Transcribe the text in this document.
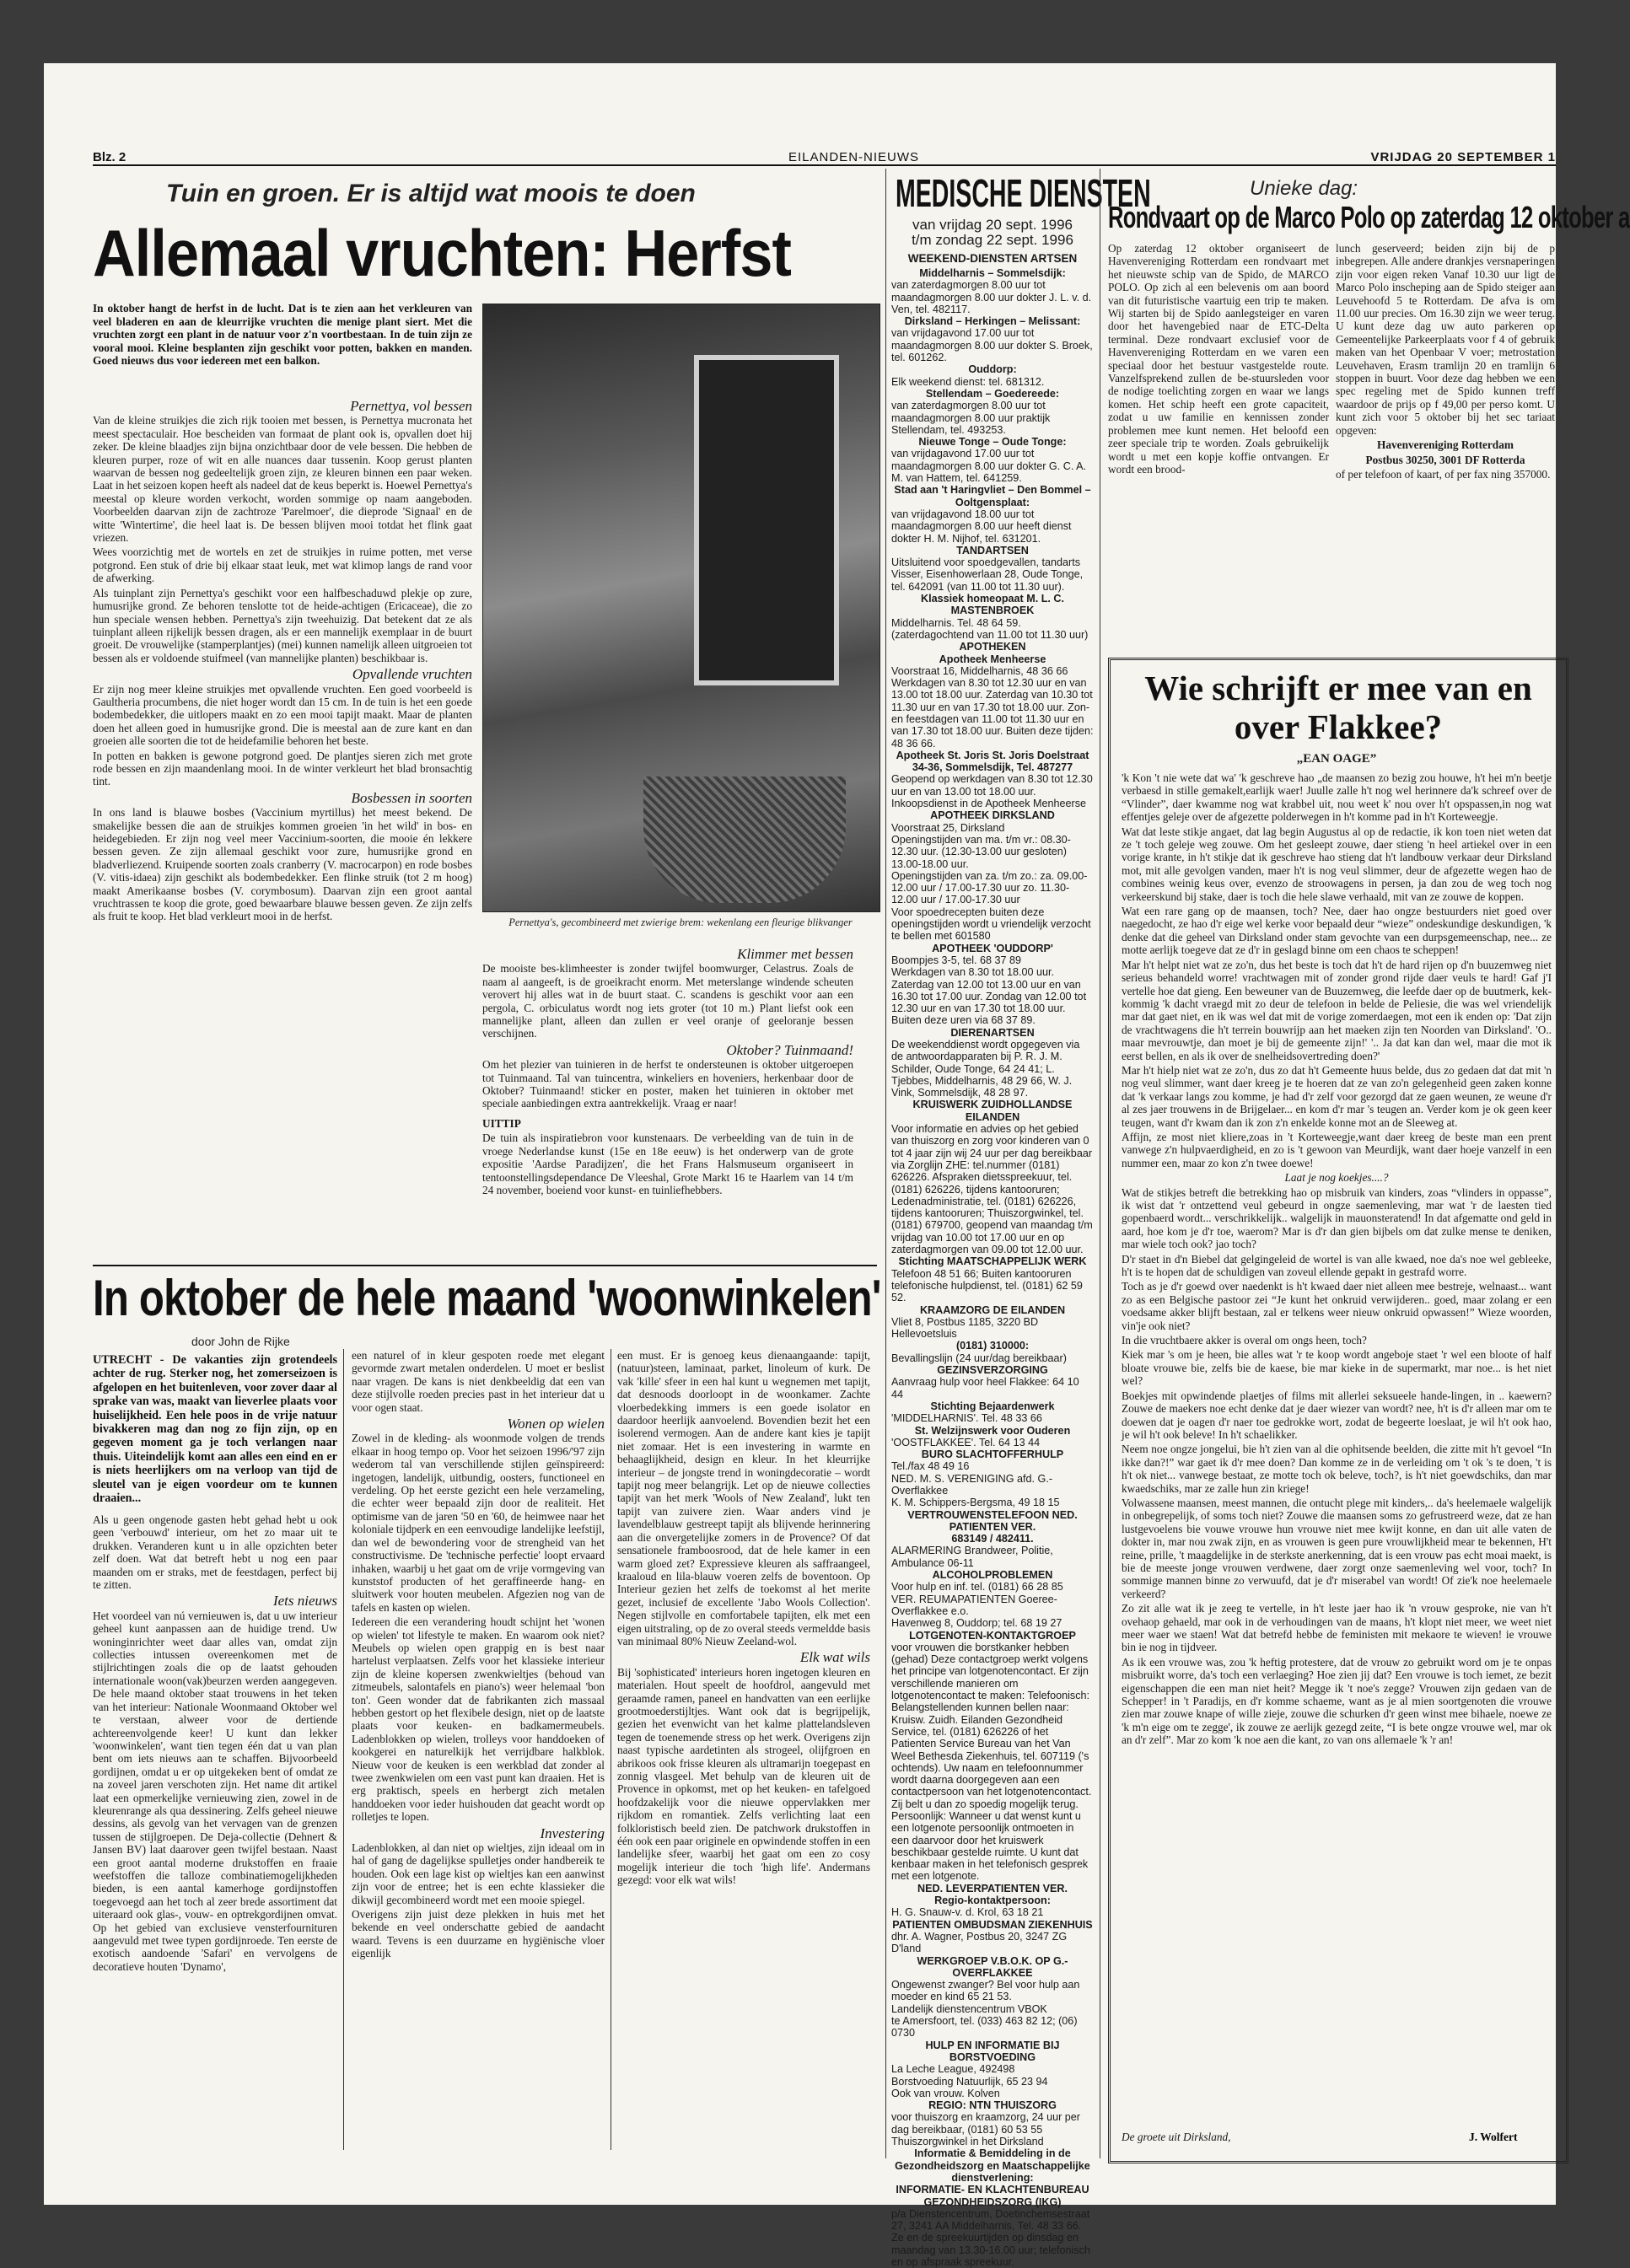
Blz. 2	EILANDEN-NIEUWS	VRIJDAG 20 SEPTEMBER 1
Tuin en groen. Er is altijd wat moois te doen
Allemaal vruchten: Herfst
In oktober hangt de herfst in de lucht. Dat is te zien aan het verkleuren van veel bladeren en aan de kleurrijke vruchten die menige plant siert. Met die vruchten zorgt een plant in de natuur voor z'n voortbestaan. In de tuin zijn ze vooral mooi. Kleine besplanten zijn geschikt voor potten, bakken en manden. Goed nieuws dus voor iedereen met een balkon.
Pernettya, vol bessen

Van de kleine struikjes die zich rijk tooien met bessen, is Pernettya mucronata het meest spectaculair. Hoe bescheiden van formaat de plant ook is, opvallen doet hij zeker. De kleine blaadjes zijn bijna onzichtbaar door de vele bessen. Die hebben de kleuren purper, roze of wit en alle nuances daar tussenin. Koop gerust planten waarvan de bessen nog gedeeltelijk groen zijn, ze kleuren binnen een paar weken. Laat in het seizoen kopen heeft als nadeel dat de keus beperkt is. Hoewel Pernettya's meestal op kleure worden verkocht, worden sommige op naam aangeboden. Voorbeelden daarvan zijn de zachtroze 'Parelmoer', die dieprode 'Signaal' en de witte 'Wintertime', die heel laat is. De bessen blijven mooi totdat het flink gaat vriezen.

Wees voorzichtig met de wortels en zet de struikjes in ruime potten, met verse potgrond. Een stuk of drie bij elkaar staat leuk, met wat klimop langs de rand voor de afwerking.

Als tuinplant zijn Pernettya's geschikt voor een halfbeschaduwd plekje op zure, humusrijke grond. Ze behoren tenslotte tot de heide-achtigen (Ericaceae), die zo hun speciale wensen hebben. Pernettya's zijn tweehuizig. Dat betekent dat ze als tuinplant alleen rijkelijk bessen dragen, als er een mannelijk exemplaar in de buurt groeit. De vrouwelijke (stamperplantjes) (mei) kunnen namelijk alleen uitgroeien tot bessen als er voldoende stuifmeel (van mannelijke planten) beschikbaar is.

Opvallende vruchten

Er zijn nog meer kleine struikjes met opvallende vruchten. Een goed voorbeeld is Gaultheria procumbens, die niet hoger wordt dan 15 cm. In de tuin is het een goede bodembedekker, die uitlopers maakt en zo een mooi tapijt maakt. Maar de planten doen het alleen goed in humusrijke grond. Die is meestal aan de zure kant en dan groeien alle soorten die tot de heidefamilie behoren het beste.

In potten en bakken is gewone potgrond goed. De plantjes sieren zich met grote rode bessen en zijn maandenlang mooi. In de winter verkleurt het blad bronsachtig tint.

Bosbessen in soorten

In ons land is blauwe bosbes (Vaccinium myrtillus) het meest bekend. De smakelijke bessen die aan de struikjes kommen groeien 'in het wild' in bos- en heidegebieden. Er zijn nog veel meer Vaccinium-soorten, die mooie én lekkere bessen geven. Ze zijn allemaal geschikt voor zure, humusrijke grond en bladverliezend. Kruipende soorten zoals cranberry (V. macrocarpon) en rode bosbes (V. vitis-idaea) zijn geschikt als bodembedekker. Een flinke struik (tot 2 m hoog) maakt Amerikaanse bosbes (V. corymbosum). Daarvan zijn een groot aantal vruchtrassen te koop die grote, goed bewaarbare blauwe bessen geven. Ze zijn zelfs als fruit te koop. Het blad verkleurt mooi in de herfst.	Pernettya's, gecombineerd met zwierige brem: wekenlang een fleurige blikvanger
Klimmer met bessen

De mooiste bes-klimheester is zonder twijfel boomwurger, Celastrus. Zoals de naam al aangeeft, is de groeikracht enorm. Met meterslange windende scheuten verovert hij alles wat in de buurt staat. C. scandens is geschikt voor aan een pergola, C. orbiculatus wordt nog iets groter (tot 10 m.) Plant liefst ook een mannelijke plant, alleen dan zullen er veel oranje of geeloranje bessen verschijnen.

Oktober? Tuinmaand!

Om het plezier van tuinieren in de herfst te ondersteunen is oktober uitgeroepen tot Tuinmaand. Tal van tuincentra, winkeliers en hoveniers, herkenbaar door de Oktober? Tuinmaand! sticker en poster, maken het tuinieren in oktober met speciale aanbiedingen extra aantrekkelijk. Vraag er naar!

UITTIP

De tuin als inspiratiebron voor kunstenaars. De verbeelding van de tuin in de vroege Nederlandse kunst (15e en 18e eeuw) is het onderwerp van de grote expositie 'Aardse Paradijzen', die het Frans Halsmuseum organiseert in tentoonstellingsdependance De Vleeshal, Grote Markt 16 te Haarlem van 14 t/m 24 november, boeiend voor kunst- en tuinliefhebbers.

In oktober de hele maand 'woonwinkelen'
door John de Rijke
UTRECHT - De vakanties zijn grotendeels achter de rug. Sterker nog, het zomerseizoen is afgelopen en het buitenleven, voor zover daar al sprake van was, maakt van lieverlee plaats voor huiselijkheid. Een hele poos in de vrije natuur bivakkeren mag dan nog zo fijn zijn, op en gegeven moment ga je toch verlangen naar thuis. Uiteindelijk komt aan alles een eind en er is niets heerlijkers om na verloop van tijd de sleutel van je eigen voordeur om te kunnen draaien...

Als u geen ongenode gasten hebt gehad hebt u ook geen 'verbouwd' interieur, om het zo maar uit te drukken. Veranderen kunt u in alle opzichten beter zelf doen. Wat dat betreft hebt u nog een paar maanden om er straks, met de feestdagen, perfect bij te zitten.

Iets nieuws

Het voordeel van nú vernieuwen is, dat u uw interieur geheel kunt aanpassen aan de huidige trend. Uw woninginrichter weet daar alles van, omdat zijn collecties intussen overeenkomen met de stijlrichtingen zoals die op de laatst gehouden internationale woon(vak)beurzen werden aangegeven. De hele maand oktober staat trouwens in het teken van het interieur: Nationale Woonmaand Oktober wel te verstaan, alweer voor de dertiende achtereenvolgende keer! U kunt dan lekker 'woonwinkelen', want tien tegen één dat u van plan bent om iets nieuws aan te schaffen. Bijvoorbeeld gordijnen, omdat u er op uitgekeken bent of omdat ze na zoveel jaren verschoten zijn. Het name dit artikel laat een opmerkelijke vernieuwing zien, zowel in de kleurenrange als qua dessinering. Zelfs geheel nieuwe dessins, als gevolg van het vervagen van de grenzen tussen de stijlgroepen. De Deja-collectie (Dehnert & Jansen BV) laat daarover geen twijfel bestaan. Naast een groot aantal moderne drukstoffen en fraaie weefstoffen die talloze combinatiemogelijkheden bieden, is een aantal kamerhoge gordijnstoffen toegevoegd aan het toch al zeer brede assortiment dat uiteraard ook glas-, vouw- en optrekgordijnen omvat. Op het gebied van exclusieve vensterfournituren aangevuld met twee typen gordijnroede. Ten eerste de exotisch aandoende 'Safari' en vervolgens de decoratieve houten 'Dynamo',

een naturel of in kleur gespoten roede met elegant gevormde zwart metalen onderdelen. U moet er beslist naar vragen. De kans is niet denkbeeldig dat een van deze stijlvolle roeden precies past in het interieur dat u voor ogen staat.

Wonen op wielen

Zowel in de kleding- als woonmode volgen de trends elkaar in hoog tempo op. Voor het seizoen 1996/'97 zijn wederom tal van verschillende stijlen geïnspireerd: ingetogen, landelijk, uitbundig, oosters, functioneel en verdeling. Op het eerste gezicht een hele verzameling, die echter weer bepaald zijn door de realiteit. Het optimisme van de jaren '50 en '60, de heimwee naar het koloniale tijdperk en een eenvoudige landelijke leefstijl, dan wel de bewondering voor de strengheid van het constructivisme. De 'technische perfectie' loopt ervaard inhaken, waarbij u het gaat om de vrije vormgeving van kunststof producten of het geraffineerde hang- en sluitwerk voor houten meubelen. Afgezien nog van de tafels en kasten op wielen.

Iedereen die een verandering houdt schijnt het 'wonen op wielen' tot lifestyle te maken. En waarom ook niet? Meubels op wielen open grappig en is best naar hartelust verplaatsen. Zelfs voor het klassieke interieur zijn de kleine kopersen zwenkwieltjes (behoud van zitmeubels, salontafels en piano's) weer helemaal 'bon ton'. Geen wonder dat de fabrikanten zich massaal hebben gestort op het flexibele design, niet op de laatste plaats voor keuken- en badkamermeubels. Ladenblokken op wielen, trolleys voor handdoeken of kookgerei en naturelkijk het verrijdbare halkblok. Nieuw voor de keuken is een werkblad dat zonder al twee zwenkwielen om een vast punt kan draaien. Het is erg praktisch, speels en herbergt zich metalen handdoeken voor ieder huishouden dat geacht wordt op rolletjes te lopen.

Investering

Ladenblokken, al dan niet op wieltjes, zijn ideaal om in hal of gang de dagelijkse spulletjes onder handbereik te houden. Ook een lage kist op wieltjes kan een aanwinst zijn voor de entree; het is een echte klassieker die dikwijl gecombineerd wordt met een mooie spiegel.

Overigens zijn juist deze plekken in huis met het bekende en veel onderschatte gebied de aandacht waard. Tevens is een duurzame en hygiënische vloer eigenlijk

een must. Er is genoeg keus dienaangaande: tapijt, (natuur)steen, laminaat, parket, linoleum of kurk. De vak 'kille' sfeer in een hal kunt u wegnemen met tapijt, dat desnoods doorloopt in de woonkamer. Zachte vloerbedekking immers is een goede isolator en daardoor heerlijk aanvoelend. Bovendien bezit het een isolerend vermogen. Aan de andere kant kies je tapijt niet zomaar. Het is een investering in warmte en behaaglijkheid, design en kleur. In het kleurrijke interieur – de jongste trend in woningdecoratie – wordt tapijt nog meer belangrijk. Let op de nieuwe collecties tapijt van het merk 'Wools of New Zealand', lukt ten tapijt van zuivere zien. Waar anders vind je lavendelblauw gestreept tapijt als blijvende herinnering aan die onvergetelijke zomers in de Provence? Of dat sensationele framboosrood, dat de hele kamer in een warm gloed zet? Expressieve kleuren als saffraangeel, kraaloud en lila-blauw voeren zelfs de boventoon. Op Interieur gezien het zelfs de toekomst al het merite gezet, inclusief de excellente 'Jabo Wools Collection'. Negen stijlvolle en comfortabele tapijten, elk met een eigen uitstraling, op de zo overal steeds vermeldde basis van minimaal 80% Nieuw Zeeland-wol.

Elk wat wils

Bij 'sophisticated' interieurs horen ingetogen kleuren en materialen. Hout speelt de hoofdrol, aangevuld met geraamde ramen, paneel en handvatten van een eerlijke grootmoederstijltjes. Want ook dat is begrijpelijk, gezien het evenwicht van het kalme plattelandsleven tegen de toenemende stress op het werk. Overigens zijn naast typische aardetinten als strogeel, olijfgroen en abrikoos ook frisse kleuren als ultramarijn toegepast en zonnig vlasgeel. Met behulp van de kleuren uit de Provence in opkomst, met op het keuken- en tafelgoed hoofdzakelijk voor die nieuwe oppervlakken mer rijkdom en romantiek. Zelfs verlichting laat een folkloristisch beeld zien. De patchwork drukstoffen in één ook een paar originele en opwindende stoffen in een landelijke sfeer, waarbij het gaat om een zo cosy mogelijk interieur die toch 'high life'. Andermans gezegd: voor elk wat wils!

MEDISCHE DIENSTEN
van vrijdag 20 sept. 1996
t/m zondag 22 sept. 1996
WEEKEND-DIENSTEN ARTSEN
Middelharnis – Sommelsdijk:
van zaterdagmorgen 8.00 uur tot maandagmorgen 8.00 uur dokter J. L. v. d. Ven, tel. 482117.
Dirksland – Herkingen – Melissant:
van vrijdagavond 17.00 uur tot maandagmorgen 8.00 uur dokter S. Broek, tel. 601262.
Ouddorp:
Elk weekend dienst: tel. 681312.
Stellendam – Goedereede:
van zaterdagmorgen 8.00 uur tot maandagmorgen 8.00 uur praktijk Stellendam, tel. 493253.
Nieuwe Tonge – Oude Tonge:
van vrijdagavond 17.00 uur tot maandagmorgen 8.00 uur dokter G. C. A. M. van Hattem, tel. 641259.
Stad aan 't Haringvliet – Den Bommel – Ooltgensplaat:
van vrijdagavond 18.00 uur tot maandagmorgen 8.00 uur heeft dienst dokter H. M. Nijhof, tel. 631201.
TANDARTSEN
Uitsluitend voor spoedgevallen, tandarts Visser, Eisenhowerlaan 28, Oude Tonge, tel. 642091 (van 11.00 tot 11.30 uur).
Klassiek homeopaat M. L. C. MASTENBROEK
Middelharnis. Tel. 48 64 59. (zaterdagochtend van 11.00 tot 11.30 uur)
APOTHEKEN
Apotheek Menheerse
Voorstraat 16, Middelharnis, 48 36 66
Werkdagen van 8.30 tot 12.30 uur en van 13.00 tot 18.00 uur. Zaterdag van 10.30 tot 11.30 uur en van 17.30 tot 18.00 uur. Zon- en feestdagen van 11.00 tot 11.30 uur en van 17.30 tot 18.00 uur. Buiten deze tijden: 48 36 66.
Apotheek St. Joris St. Joris Doelstraat 34-36, Sommelsdijk, Tel. 487277
Geopend op werkdagen van 8.30 tot 12.30 uur en van 13.00 tot 18.00 uur. Inkoopsdienst in de Apotheek Menheerse
APOTHEEK DIRKSLAND
Voorstraat 25, Dirksland
Openingstijden van ma. t/m vr.: 08.30-12.30 uur. (12.30-13.00 uur gesloten) 13.00-18.00 uur.
Openingstijden van za. t/m zo.: za. 09.00-12.00 uur / 17.00-17.30 uur zo. 11.30-12.00 uur / 17.00-17.30 uur
Voor spoedrecepten buiten deze openingstijden wordt u vriendelijk verzocht te bellen met 601580
APOTHEEK 'OUDDORP'
Boompjes 3-5, tel. 68 37 89
Werkdagen van 8.30 tot 18.00 uur. Zaterdag van 12.00 tot 13.00 uur en van 16.30 tot 17.00 uur. Zondag van 12.00 tot 12.30 uur en van 17.30 tot 18.00 uur. Buiten deze uren via 68 37 89.
DIERENARTSEN
De weekenddienst wordt opgegeven via de antwoordapparaten bij P. R. J. M. Schilder, Oude Tonge, 64 24 41; L. Tjebbes, Middelharnis, 48 29 66, W. J. Vink, Sommelsdijk, 48 28 97.
KRUISWERK ZUIDHOLLANDSE EILANDEN
Voor informatie en advies op het gebied van thuiszorg en zorg voor kinderen van 0 tot 4 jaar zijn wij 24 uur per dag bereikbaar via Zorglijn ZHE: tel.nummer (0181) 626226. Afspraken dietsspreekuur, tel. (0181) 626226, tijdens kantooruren; Ledenadministratie, tel. (0181) 626226, tijdens kantooruren; Thuiszorgwinkel, tel. (0181) 679700, geopend van maandag t/m vrijdag van 10.00 tot 17.00 uur en op zaterdagmorgen van 09.00 tot 12.00 uur.
Stichting MAATSCHAPPELIJK WERK
Telefoon 48 51 66; Buiten kantooruren telefonische hulpdienst, tel. (0181) 62 59 52.
KRAAMZORG DE EILANDEN
Vliet 8, Postbus 1185, 3220 BD Hellevoetsluis
(0181) 310000:
Bevallingslijn (24 uur/dag bereikbaar)
GEZINSVERZORGING
Aanvraag hulp voor heel Flakkee: 64 10 44
Stichting Bejaardenwerk
'MIDDELHARNIS'. Tel. 48 33 66
St. Welzijnswerk voor Ouderen
'OOSTFLAKKEE'. Tel. 64 13 44
BURO SLACHTOFFERHULP
Tel./fax 48 49 16
NED. M. S. VERENIGING afd. G.-Overflakkee
K. M. Schippers-Bergsma, 49 18 15
VERTROUWENSTELEFOON NED. PATIENTEN VER.
683149 / 482411.
ALARMERING Brandweer, Politie, Ambulance 06-11
ALCOHOLPROBLEMEN
Voor hulp en inf. tel. (0181) 66 28 85
VER. REUMAPATIENTEN Goeree-Overflakkee e.o.
Havenweg 8, Ouddorp; tel. 68 19 27
LOTGENOTEN-KONTAKTGROEP
voor vrouwen die borstkanker hebben (gehad) Deze contactgroep werkt volgens het principe van lotgenotencontact. Er zijn verschillende manieren om lotgenotencontact te maken: Telefoonisch: Belangstellenden kunnen bellen naar: Kruisw. Zuidh. Eilanden Gezondheid Service, tel. (0181) 626226 of het Patienten Service Bureau van het Van Weel Bethesda Ziekenhuis, tel. 607119 ('s ochtends). Uw naam en telefoonnummer wordt daarna doorgegeven aan een contactpersoon van het lotgenotencontact. Zij belt u dan zo spoedig mogelijk terug. Persoonlijk: Wanneer u dat wenst kunt u een lotgenote persoonlijk ontmoeten in een daarvoor door het kruiswerk beschikbaar gestelde ruimte. U kunt dat kenbaar maken in het telefonisch gesprek met een lotgenote.
NED. LEVERPATIENTEN VER.
Regio-kontaktpersoon:
H. G. Snauw-v. d. Krol, 63 18 21
PATIENTEN OMBUDSMAN ZIEKENHUIS
dhr. A. Wagner, Postbus 20, 3247 ZG D'land
WERKGROEP V.B.O.K. OP G.-OVERFLAKKEE
Ongewenst zwanger? Bel voor hulp aan moeder en kind 65 21 53.
Landelijk dienstencentrum VBOK
te Amersfoort, tel. (033) 463 82 12; (06) 0730
HULP EN INFORMATIE BIJ BORSTVOEDING
La Leche League, 492498
Borstvoeding Natuurlijk, 65 23 94
Ook van vrouw. Kolven
REGIO: NTN THUISZORG
voor thuiszorg en kraamzorg, 24 uur per dag bereikbaar, (0181) 60 53 55
Thuiszorgwinkel in het Dirksland
Informatie & Bemiddeling in de Gezondheidszorg en Maatschappelijke dienstverlening:
INFORMATIE- EN KLACHTENBUREAU GEZONDHEIDSZORG (IKG)
p/a Dienstencentrum, Doetinchemsestraat 27, 3241 AA Middelharnis, Tel. 48 33 66. Ze en de spreekuurtijden op dinsdag en maandag van 13.30-16.00 uur; telefonisch en op afspraak spreekuur.
Unieke dag:
Rondvaart op de Marco Polo op zaterdag 12 oktober a

Op zaterdag 12 oktober organiseert de Havenvereniging Rotterdam een rondvaart met het nieuwste schip van de Spido, de MARCO POLO. Op zich al een belevenis om aan boord van dit futuristische vaartuig een trip te maken. Wij starten bij de Spido aanlegsteiger en varen door het havengebied naar de ETC-Delta terminal. Deze rondvaart exclusief voor de Havenvereniging Rotterdam en we varen een speciaal door het bestuur vastgestelde route. Vanzelfsprekend zullen de be-stuursleden voor de nodige toelichting zorgen en waar we langs komen. Het schip heeft een grote capaciteit, zodat u uw familie en kennissen zonder problemen mee kunt nemen. Het beloofd een zeer speciale trip te worden. Zoals gebruikelijk wordt u met een kopje koffie ontvangen. Er wordt een brood-

lunch geserveerd; beiden zijn bij de p inbegrepen. Alle andere drankjes versnaperingen zijn voor eigen reken Vanaf 10.30 uur ligt de Marco Polo inscheping aan de Spido steiger aan Leuvehoofd 5 te Rotterdam. De afva is om 11.00 uur precies. Om 16.30 zijn we weer terug. U kunt deze dag uw auto parkeren op Gemeentelijke Parkeerplaats voor f 4 of gebruik maken van het Openbaar V voer; metrostation Leuvehaven, Erasm tramlijn 20 en tramlijn 6 stoppen in buurt. Voor deze dag hebben we een spec regeling met de Spido kunnen treff waardoor de prijs op f 49,00 per perso komt. U kunt zich voor 5 oktober bij het sec tariaat opgeven:

Havenvereniging Rotterdam

Postbus 30250, 3001 DF Rotterda

of per telefoon of kaart, of per fax ning 357000.

Wie schrijft er mee van en over Flakkee?
„EAN OAGE”

'k Kon 't nie wete dat wa' 'k geschreve hao „de maansen zo bezig zou houwe, h't hei m'n beetje verbaesd in stille gemakelt,earlijk waer! Juulle zalle h't nog wel herinnere da'k schreef over de “Vlinder”, daer kwamme nog wat krabbel uit, nou weet k' nou over h't opspassen,in nog wat effentjes geleje over de afgezette polderwegen in h't komme pad in h't Korteweegje.

Wat dat leste stikje angaet, dat lag begin Augustus al op de redactie, ik kon toen niet weten dat ze 't toch geleje weg zouwe. Om het gesleept zouwe, daer stieng 'n heel artiekel over in een vorige krante, in h't stikje dat ik geschreve hao stieng dat h't landbouw verkaar deur Dirksland mot, mit alle gevolgen vanden, maer h't is nog veul slimmer, deur de afgezette wegen hao de combines weinig keus over, evenzo de stroowagens in persen, ja dan zou de weg toch nog verkeerskund bij stake, daer is toch die hele slawe verhaald, mit van ze zouwe de koppen.

Wat een rare gang op de maansen, toch? Nee, daer hao ongze bestuurders niet goed over naegedocht, ze hao d'r eige wel kerke voor bepaald deur “wieze” ondeskundige deskundigen, 'k denke dat die geheel van Dirksland onder stam gevochte van een durpsgemeenschap, nee... ze motte aerlijk toegeve dat ze d'r in geslagd binne om een chaos te scheppen!

Mar h't helpt niet wat ze zo'n, dus het beste is toch dat h't de hard rijen op d'n buuzemweg niet serieus behandeld worre! vrachtwagen mit of zonder grond rijde daer veuls te hard! Gaf j'I vertelle hoe dat gieng. Een beweuner van de Buuzemweg, die leefde daer op de buutmerk, kek-kommig 'k dacht vraegd mit zo deur de telefoon in belde de Peliesie, die was wel vriendelijk mar dat gaet niet, en ik was wel dat mit de vorige zomerdaegen, mot een ik enden op: 'Dat zijn de vrachtwagens die h't terrein bouwrijp aan het maeken zijn ten Noorden van Dirksland'. 'O.. maar mevrouwtje, dan moet je bij de gemeente zijn!' '.. Ja dat kan dan wel, maar die mot ik eerst bellen, en als ik over de snelheidsovertreding doen?'

Mar h't hielp niet wat ze zo'n, dus zo dat h't Gemeente huus belde, dus zo gedaen dat dat mit 'n nog veul slimmer, want daer kreeg je te hoeren dat ze van zo'n gelegenheid geen zaken konne dat 'k verkaar langs zou komme, je had d'r zelf voor gezorgd dat ze gaen weunen, ze weune d'r al zes jaer trouwens in de Brijgelaer... en kom d'r mar 's teugen an. Verder kom je ok geen keer teugen, want d'r kwam dan ik zon z'n enkelde konne mot an de Sleeweg at.

Affijn, ze most niet kliere,zoas in 't Korteweegje,want daer kreeg de beste man een prent vanwege z'n hulpvaerdigheid, en zo is 't gewoon van Meurdijk, want daer hoeje vanzelf in een nummer een, maar zo kon z'n twee doewe!

Laat je nog koekjes....?

Wat de stikjes betreft die betrekking hao op misbruik van kinders, zoas “vlinders in oppasse”, ik wist dat 'r ontzettend veul gebeurd in ongze saemenleving, mar wat 'r de laesten tied gopenbaerd wordt... verschrikkelijk.. walgelijk in mauonsteratend! In dat afgematte ond geld in aard, hoe kom je d'r toe, waerom? Mar is d'r dan gien bijbels om dat zulke mense te deniken, mar wiele toch ook? jao toch?

D'r staet in d'n Biebel dat gelgingeleid de wortel is van alle kwaed, noe da's noe wel gebleeke, h't is te hopen dat de schuldigen van zoveul ellende gepakt in gestrafd worre.

Toch as je d'r goewd over naedenkt is h't kwaed daer niet alleen mee bestreje, welnaast... want zo as een Belgische pastoor zei “Je kunt het onkruid verwijderen.. goed, maar zolang er een voedsame akker blijft bestaan, zal er telkens weer nieuw onkruid opwassen!” Wieze woorden, vin'je ook niet?

In die vruchtbaere akker is overal om ongs heen, toch?

Kiek mar 's om je heen, bie alles wat 'r te koop wordt angeboje staet 'r wel een bloote of half bloate vrouwe bie, zelfs bie de kaese, bie mar kieke in de supermarkt, mar noe... is het niet wel?

Boekjes mit opwindende plaetjes of films mit allerlei seksueele hande-lingen, in .. kaewern? Zouwe de maekers noe echt denke dat je daer wiezer van wordt? nee, h't is d'r alleen mar om te doewen dat je oagen d'r naer toe gedrokke wort, zodat de begeerte loeslaat, je wil h't ook hao, je wil h't ook beleve! In h't schaelikker.

Neem noe ongze jongelui, bie h't zien van al die ophitsende beelden, die zitte mit h't gevoel “In ikke dan?!” war gaet ik d'r mee doen? Dan komme ze in de verleiding om 't ok 's te doen, 't is h't ok niet... vanwege bestaat, ze motte toch ok beleve, toch?, is h't niet goewdschiks, dan mar kwaedschiks, mar ze zalle hun zin kriege!

Volwassene maansen, meest mannen, die ontucht plege mit kinders,.. da's heelemaele walgelijk in onbegrepelijk, of soms toch niet? Zouwe die maansen soms zo gefrustreerd weze, dat ze han lustgevoelens bie vouwe vrouwe hun vrouwe niet mee kwijt konne, en dan uit alle vaten de dokter in, mar nou zwak zijn, en as vrouwen is geen pure vrouwlijkheid mear te bekennen, H't reine, prille, 't maagdelijke in de sterkste anerkenning, dat is een vrouw pas echt moai maekt, is bie de meeste jonge vrouwen verdwene, daer zorgt onze saemenleving wel voor, toch? In sommige mannen binne zo verwuufd, dat je d'r miserabel van wordt! Of zie'k noe heelemaele verkeerd?

Zo zit alle wat ik je zeeg te vertelle, in h't leste jaer hao ik 'n vrouw gesproke, nie van h't ovehaop gehaeld, mar ook in de verhoudingen van de maans, h't klopt niet meer, we weet niet meer waer we staen! Wat dat betrefd hebbe de feministen mit mekaore te wieven! ie vrouwe bin ie nog in tijdveer.

As ik een vrouwe was, zou 'k heftig protestere, dat de vrouw zo gebruikt word om je te onpas misbruikt worre, da's toch een verlaeging? Hoe zien jij dat? Een vrouwe is toch iemet, ze bezit eigenschappen die een man niet heit? Megge ik 't noe's zegge? Vrouwen zijn gedaen van de Schepper! in 't Paradijs, en d'r komme schaeme, want as je al mien soortgenoten die vrouwe zien mar zouwe knape of wille zieje, zouwe die schurken d'r geen winst mee bihaele, noewe ze 'k m'n eige om te zegge', ik zouwe ze aerlijk gezegd zeite, “I is bete ongze vrouwe wel, mar ok an d'r zelf”. Mar zo kom 'k noe aen die kant, zo van ons allemaele 'k 'r an!

De groete uit Dirksland,	J. Wolfert
